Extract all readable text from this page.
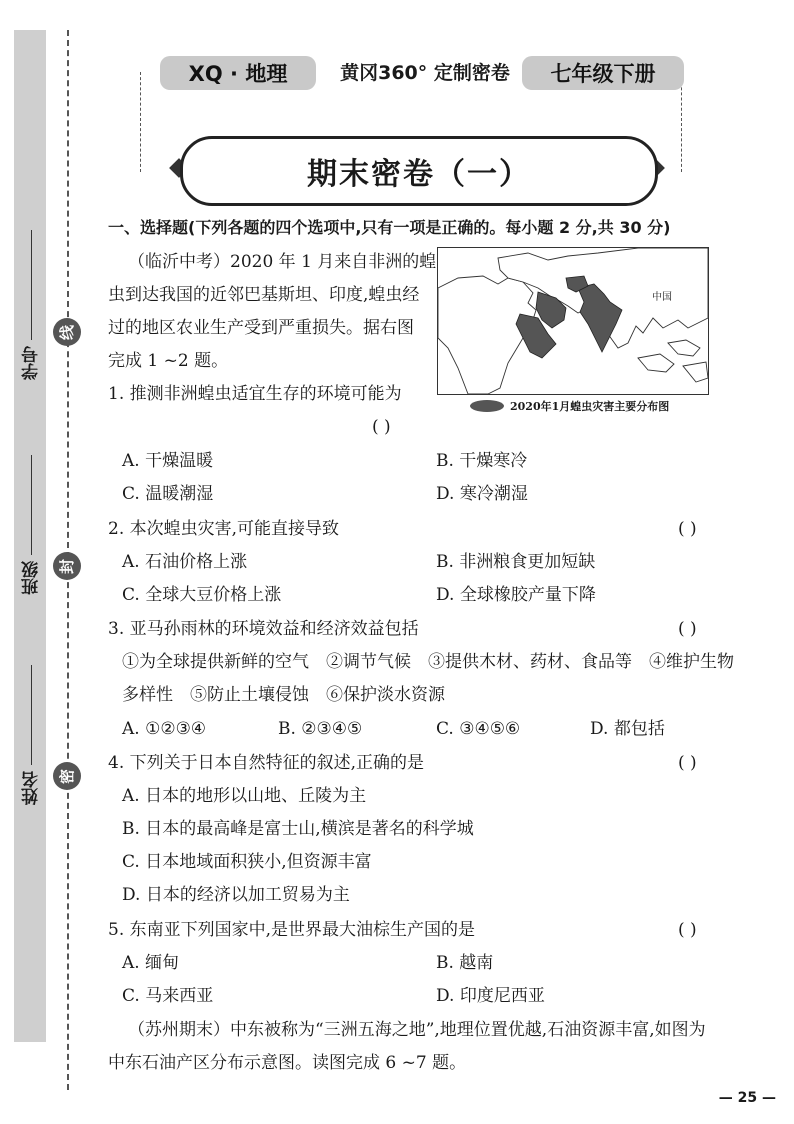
线
封
密
学号
班级
姓名
XQ · 地理	黄冈360° 定制密卷	七年级下册
期末密卷（一）
一、选择题(下列各题的四个选项中,只有一项是正确的。每小题 2 分,共 30 分)
（临沂中考）2020 年 1 月来自非洲的蝗
虫到达我国的近邻巴基斯坦、印度,蝗虫经
过的地区农业生产受到严重损失。据右图
完成 1 ~2 题。
中国
2020年1月蝗虫灾害主要分布图
1. 推测非洲蝗虫适宜生存的环境可能为
( )
A. 干燥温暖	B. 干燥寒冷
C. 温暖潮湿	D. 寒冷潮湿
2. 本次蝗虫灾害,可能直接导致	( )
A. 石油价格上涨	B. 非洲粮食更加短缺
C. 全球大豆价格上涨	D. 全球橡胶产量下降
3. 亚马孙雨林的环境效益和经济效益包括	( )
①为全球提供新鲜的空气　②调节气候　③提供木材、药材、食品等　④维护生物
多样性　⑤防止土壤侵蚀　⑥保护淡水资源
A. ①②③④	B. ②③④⑤	C. ③④⑤⑥	D. 都包括
4. 下列关于日本自然特征的叙述,正确的是	( )
A. 日本的地形以山地、丘陵为主
B. 日本的最高峰是富士山,横滨是著名的科学城
C. 日本地域面积狭小,但资源丰富
D. 日本的经济以加工贸易为主
5. 东南亚下列国家中,是世界最大油棕生产国的是	( )
A. 缅甸	B. 越南
C. 马来西亚	D. 印度尼西亚
（苏州期末）中东被称为“三洲五海之地”,地理位置优越,石油资源丰富,如图为
中东石油产区分布示意图。读图完成 6 ~7 题。
— 25 —
